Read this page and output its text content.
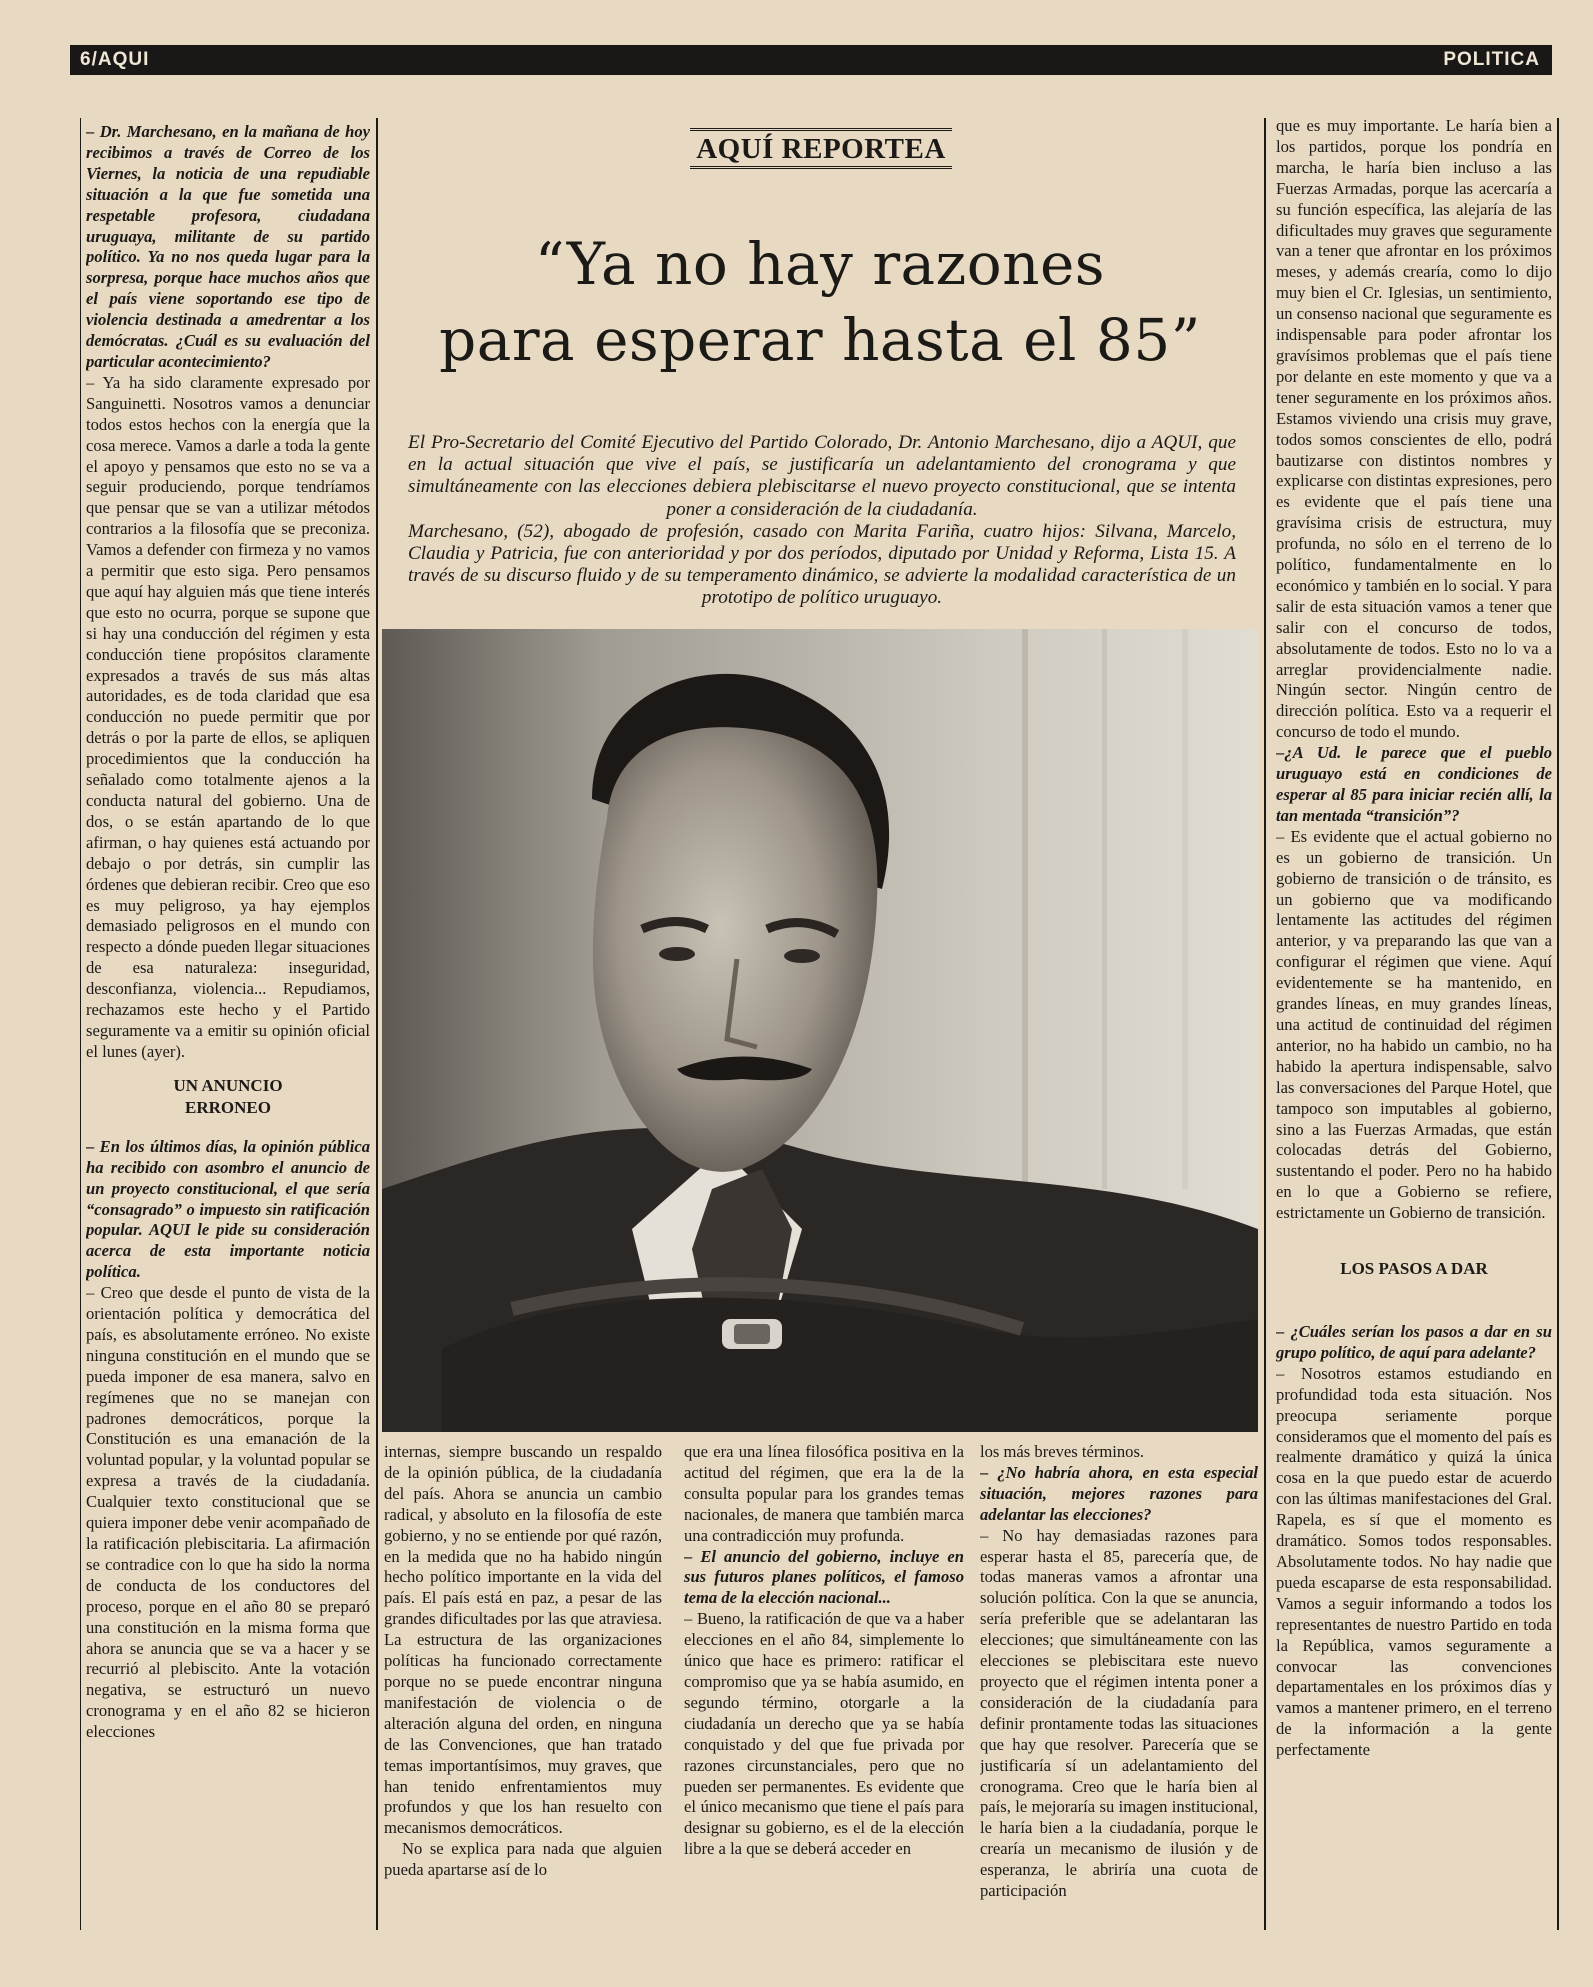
6/AQUI	POLITICA
AQUÍ REPORTEA
“Ya no hay razones
para esperar hasta el 85”

El Pro-Secretario del Comité Ejecutivo del Partido Colorado, Dr. Antonio Marchesano, dijo a AQUI, que en la actual situación que vive el país, se justificaría un adelantamiento del cronograma y que simultáneamente con las elecciones debiera plebiscitarse el nuevo proyecto constitucional, que se intenta poner a consideración de la ciudadanía.

Marchesano, (52), abogado de profesión, casado con Marita Fariña, cuatro hijos: Silvana, Marcelo, Claudia y Patricia, fue con anterioridad y por dos períodos, diputado por Unidad y Reforma, Lista 15. A través de su discurso fluido y de su temperamento dinámico, se advierte la modalidad característica de un prototipo de político uruguayo.

– Dr. Marchesano, en la mañana de hoy recibimos a través de Correo de los Viernes, la noticia de una repudiable situación a la que fue sometida una respetable profesora, ciudadana uruguaya, militante de su partido político. Ya no nos queda lugar para la sorpresa, porque hace muchos años que el país viene soportando ese tipo de violencia destinada a amedrentar a los demócratas. ¿Cuál es su evaluación del particular acontecimiento?

– Ya ha sido claramente expresado por Sanguinetti. Nosotros vamos a denunciar todos estos hechos con la energía que la cosa merece. Vamos a darle a toda la gente el apoyo y pensamos que esto no se va a seguir produciendo, porque tendríamos que pensar que se van a utilizar métodos contrarios a la filosofía que se preconiza. Vamos a defender con firmeza y no vamos a permitir que esto siga. Pero pensamos que aquí hay alguien más que tiene interés que esto no ocurra, porque se supone que si hay una conducción del régimen y esta conducción tiene propósitos claramente expresados a través de sus más altas autoridades, es de toda claridad que esa conducción no puede permitir que por detrás o por la parte de ellos, se apliquen procedimientos que la conducción ha señalado como totalmente ajenos a la conducta natural del gobierno. Una de dos, o se están apartando de lo que afirman, o hay quienes está actuando por debajo o por detrás, sin cumplir las órdenes que debieran recibir. Creo que eso es muy peligroso, ya hay ejemplos demasiado peligrosos en el mundo con respecto a dónde pueden llegar situaciones de esa naturaleza: inseguridad, desconfianza, violencia... Repudiamos, rechazamos este hecho y el Partido seguramente va a emitir su opinión oficial el lunes (ayer).

UN ANUNCIO
ERRONEO

– En los últimos días, la opinión pública ha recibido con asombro el anuncio de un proyecto constitucional, el que sería “consagrado” o impuesto sin ratificación popular. AQUI le pide su consideración acerca de esta importante noticia política.

– Creo que desde el punto de vista de la orientación política y democrática del país, es absolutamente erróneo. No existe ninguna constitución en el mundo que se pueda imponer de esa manera, salvo en regímenes que no se manejan con padrones democráticos, porque la Constitución es una emanación de la voluntad popular, y la voluntad popular se expresa a través de la ciudadanía. Cualquier texto constitucional que se quiera imponer debe venir acompañado de la ratificación plebiscitaria. La afirmación se contradice con lo que ha sido la norma de conducta de los conductores del proceso, porque en el año 80 se preparó una constitución en la misma forma que ahora se anuncia que se va a hacer y se recurrió al plebiscito. Ante la votación negativa, se estructuró un nuevo cronograma y en el año 82 se hicieron elecciones

internas, siempre buscando un respaldo de la opinión pública, de la ciudadanía del país. Ahora se anuncia un cambio radical, y absoluto en la filosofía de este gobierno, y no se entiende por qué razón, en la medida que no ha habido ningún hecho político importante en la vida del país. El país está en paz, a pesar de las grandes dificultades por las que atraviesa. La estructura de las organizaciones políticas ha funcionado correctamente porque no se puede encontrar ninguna manifestación de violencia o de alteración alguna del orden, en ninguna de las Convenciones, que han tratado temas importantísimos, muy graves, que han tenido enfrentamientos muy profundos y que los han resuelto con mecanismos democráticos.

No se explica para nada que alguien pueda apartarse así de lo

que era una línea filosófica positiva en la actitud del régimen, que era la de la consulta popular para los grandes temas nacionales, de manera que también marca una contradicción muy profunda.

– El anuncio del gobierno, incluye en sus futuros planes políticos, el famoso tema de la elección nacional...

– Bueno, la ratificación de que va a haber elecciones en el año 84, simplemente lo único que hace es primero: ratificar el compromiso que ya se había asumido, en segundo término, otorgarle a la ciudadanía un derecho que ya se había conquistado y del que fue privada por razones circunstanciales, pero que no pueden ser permanentes. Es evidente que el único mecanismo que tiene el país para designar su gobierno, es el de la elección libre a la que se deberá acceder en

los más breves términos.

– ¿No habría ahora, en esta especial situación, mejores razones para adelantar las elecciones?

– No hay demasiadas razones para esperar hasta el 85, parecería que, de todas maneras vamos a afrontar una solución política. Con la que se anuncia, sería preferible que se adelantaran las elecciones; que simultáneamente con las elecciones se plebiscitara este nuevo proyecto que el régimen intenta poner a consideración de la ciudadanía para definir prontamente todas las situaciones que hay que resolver. Parecería que se justificaría sí un adelantamiento del cronograma. Creo que le haría bien al país, le mejoraría su imagen institucional, le haría bien a la ciudadanía, porque le crearía un mecanismo de ilusión y de esperanza, le abriría una cuota de participación

que es muy importante. Le haría bien a los partidos, porque los pondría en marcha, le haría bien incluso a las Fuerzas Armadas, porque las acercaría a su función específica, las alejaría de las dificultades muy graves que seguramente van a tener que afrontar en los próximos meses, y además crearía, como lo dijo muy bien el Cr. Iglesias, un sentimiento, un consenso nacional que seguramente es indispensable para poder afrontar los gravísimos problemas que el país tiene por delante en este momento y que va a tener seguramente en los próximos años. Estamos viviendo una crisis muy grave, todos somos conscientes de ello, podrá bautizarse con distintos nombres y explicarse con distintas expresiones, pero es evidente que el país tiene una gravísima crisis de estructura, muy profunda, no sólo en el terreno de lo político, fundamentalmente en lo económico y también en lo social. Y para salir de esta situación vamos a tener que salir con el concurso de todos, absolutamente de todos. Esto no lo va a arreglar providencialmente nadie. Ningún sector. Ningún centro de dirección política. Esto va a requerir el concurso de todo el mundo.

–¿A Ud. le parece que el pueblo uruguayo está en condiciones de esperar al 85 para iniciar recién allí, la tan mentada “transición”?

– Es evidente que el actual gobierno no es un gobierno de transición. Un gobierno de transición o de tránsito, es un gobierno que va modificando lentamente las actitudes del régimen anterior, y va preparando las que van a configurar el régimen que viene. Aquí evidentemente se ha mantenido, en grandes líneas, en muy grandes líneas, una actitud de continuidad del régimen anterior, no ha habido un cambio, no ha habido la apertura indispensable, salvo las conversaciones del Parque Hotel, que tampoco son imputables al gobierno, sino a las Fuerzas Armadas, que están colocadas detrás del Gobierno, sustentando el poder. Pero no ha habido en lo que a Gobierno se refiere, estrictamente un Gobierno de transición.

LOS PASOS A DAR

– ¿Cuáles serían los pasos a dar en su grupo político, de aquí para adelante?

– Nosotros estamos estudiando en profundidad toda esta situación. Nos preocupa seriamente porque consideramos que el momento del país es realmente dramático y quizá la única cosa en la que puedo estar de acuerdo con las últimas manifestaciones del Gral. Rapela, es sí que el momento es dramático. Somos todos responsables. Absolutamente todos. No hay nadie que pueda escaparse de esta responsabilidad. Vamos a seguir informando a todos los representantes de nuestro Partido en toda la República, vamos seguramente a convocar las convenciones departamentales en los próximos días y vamos a mantener primero, en el terreno de la información a la gente perfectamente
